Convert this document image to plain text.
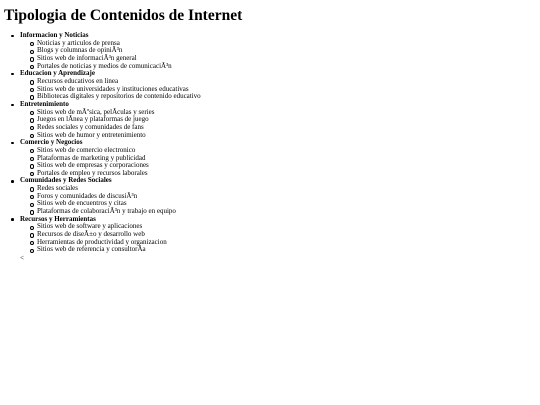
Tipologia de Contenidos de Internet
Informacion y Noticias
Noticias y articulos de prensa
Blogs y columnas de opiniÃ³n
Sitios web de informaciÃ³n general
Portales de noticias y medios de comunicaciÃ³n
Educacion y Aprendizaje
Recursos educativos en linea
Sitios web de universidades y instituciones educativas
Bibliotecas digitales y repositorios de contenido educativo
Entretenimiento
Sitios web de mÃºsica, pelÃculas y series
Juegos en lÃnea y plataformas de juego
Redes sociales y comunidades de fans
Sitios web de humor y entretenimiento
Comercio y Negocios
Sitios web de comercio electronico
Plataformas de marketing y publicidad
Sitios web de empresas y corporaciones
Portales de empleo y recursos laborales
Comunidades y Redes Sociales
Redes sociales
Foros y comunidades de discusiÃ³n
Sitios web de encuentros y citas
Plataformas de colaboraciÃ³n y trabajo en equipo
Recursos y Herramientas
Sitios web de software y aplicaciones
Recursos de diseÃ±o y desarrollo web
Herramientas de productividad y organizacion
Sitios web de referencia y consultorÃa
<
